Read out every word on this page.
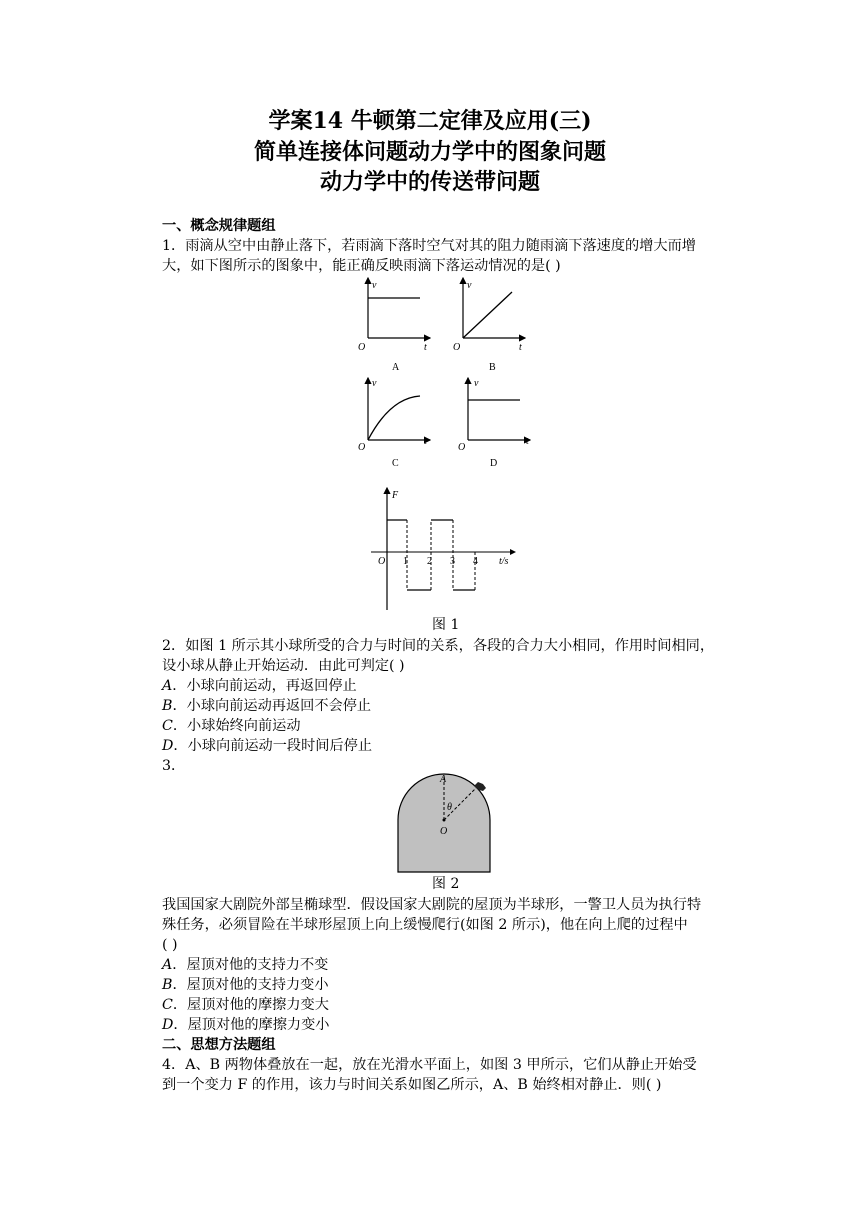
学案14 牛顿第二定律及应用(三)
简单连接体问题动力学中的图象问题
动力学中的传送带问题
一、概念规律题组
1．雨滴从空中由静止落下，若雨滴下落时空气对其的阻力随雨滴下落速度的增大而增
大，如下图所示的图象中，能正确反映雨滴下落运动情况的是( )
v
t
O
A
v
t
O
B
v
t
O
C
v
t
O
D
F
O 1 2 3 4 t/s
图 1
2．如图 1 所示其小球所受的合力与时间的关系，各段的合力大小相同，作用时间相同，
设小球从静止开始运动．由此可判定( )
A．小球向前运动，再返回停止
B．小球向前运动再返回不会停止
C．小球始终向前运动
D．小球向前运动一段时间后停止
3．
A
θ
O
图 2
我国国家大剧院外部呈椭球型．假设国家大剧院的屋顶为半球形，一警卫人员为执行特
殊任务，必须冒险在半球形屋顶上向上缓慢爬行(如图 2 所示)，他在向上爬的过程中
( )
A．屋顶对他的支持力不变
B．屋顶对他的支持力变小
C．屋顶对他的摩擦力变大
D．屋顶对他的摩擦力变小
二、思想方法题组
4．A、B 两物体叠放在一起，放在光滑水平面上，如图 3 甲所示，它们从静止开始受
到一个变力 F 的作用，该力与时间关系如图乙所示，A、B 始终相对静止．则( )
